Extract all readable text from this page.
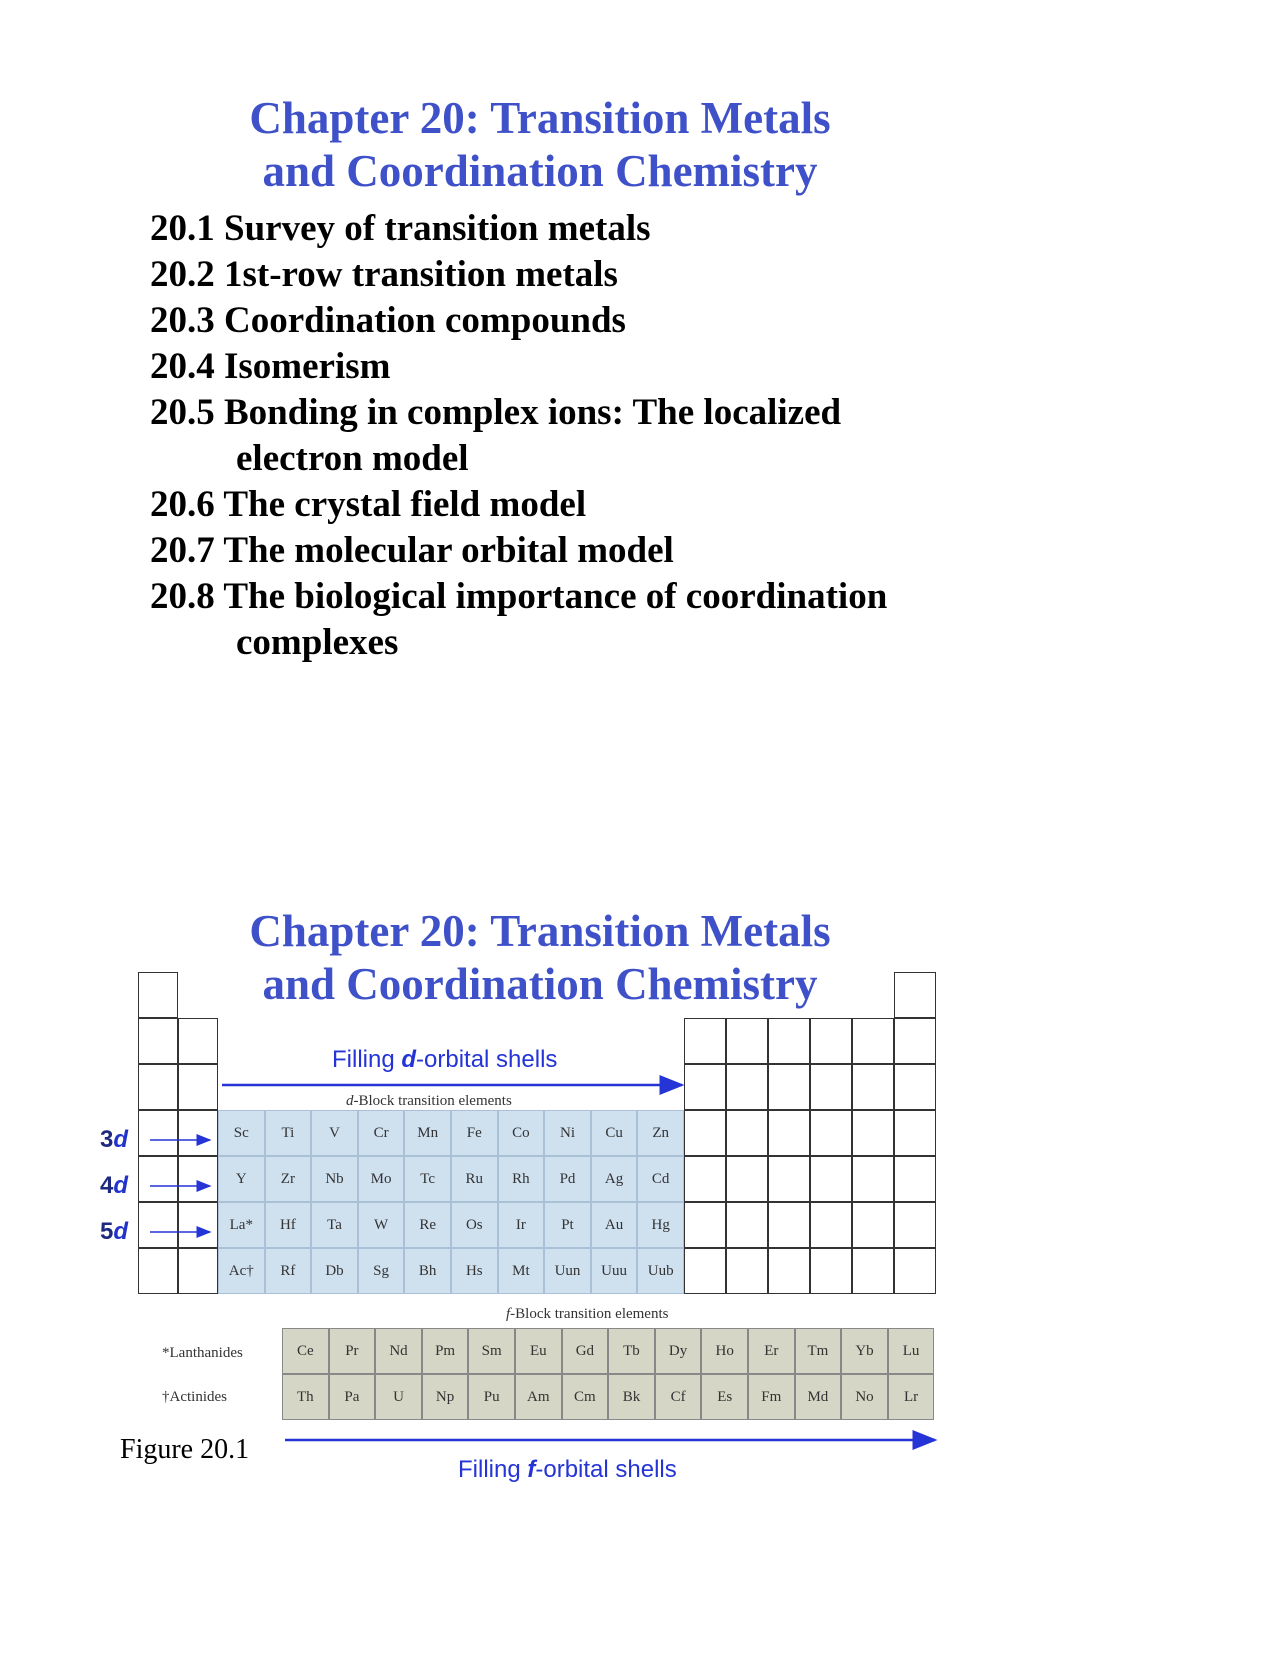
Chapter 20: Transition Metals
and Coordination Chemistry
20.1 Survey of transition metals
20.2 1st-row transition metals
20.3 Coordination compounds
20.4 Isomerism
20.5 Bonding in complex ions: The localized
electron model
20.6 The crystal field model
20.7 The molecular orbital model
20.8 The biological importance of coordination
complexes
Sc	Ti	V	Cr	Mn	Fe	Co	Ni	Cu	Zn
Y	Zr	Nb	Mo	Tc	Ru	Rh	Pd	Ag	Cd
La*	Hf	Ta	W	Re	Os	Ir	Pt	Au	Hg
Ac†	Rf	Db	Sg	Bh	Hs	Mt	Uun	Uuu	Uub
Ce	Pr	Nd	Pm	Sm	Eu	Gd	Tb	Dy	Ho	Er	Tm	Yb	Lu
Th	Pa	U	Np	Pu	Am	Cm	Bk	Cf	Es	Fm	Md	No	Lr
Chapter 20: Transition Metals
and Coordination Chemistry
Filling d-orbital shells
d-Block transition elements
3d
4d
5d
f-Block transition elements
*Lanthanides
†Actinides
Filling f-orbital shells
Figure 20.1
